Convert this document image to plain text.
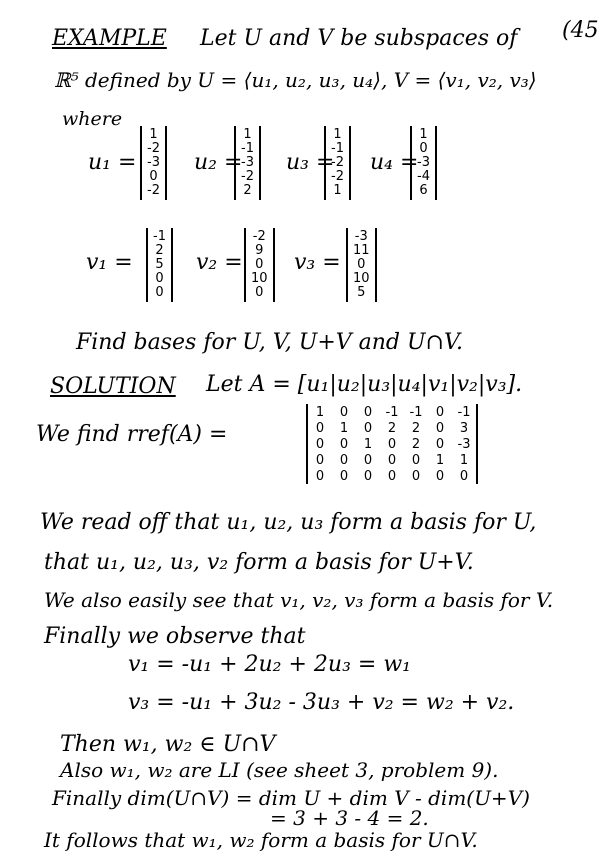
EXAMPLE Let U and V be subspaces of (45
ℝ⁵ defined by U = ⟨u₁, u₂, u₃, u₄⟩, V = ⟨v₁, v₂, v₃⟩
where
u₁ =
1
-2
-3
0
-2
u₂ =
1
-1
-3
-2
2
u₃ =
1
-1
-2
-2
1
u₄ =
1
0
-3
-4
6
v₁ =
-1
2
5
0
0
v₂ =
-2
9
0
10
0
v₃ =
-3
11
0
10
5
Find bases for U, V, U+V and U∩V.
SOLUTION Let A = [u₁|u₂|u₃|u₄|v₁|v₂|v₃].
We find rref(A) =
1	0	0	-1	-1	0	-1
0	1	0	2	2	0	3
0	0	1	0	2	0	-3
0	0	0	0	0	1	1
0	0	0	0	0	0	0
We read off that u₁, u₂, u₃ form a basis for U,
that u₁, u₂, u₃, v₂ form a basis for U+V.
We also easily see that v₁, v₂, v₃ form a basis for V.
Finally we observe that
v₁ = -u₁ + 2u₂ + 2u₃ = w₁
v₃ = -u₁ + 3u₂ - 3u₃ + v₂ = w₂ + v₂.
Then w₁, w₂ ∈ U∩V
Also w₁, w₂ are LI (see sheet 3, problem 9).
Finally dim(U∩V) = dim U + dim V - dim(U+V)
= 3 + 3 - 4 = 2.
It follows that w₁, w₂ form a basis for U∩V.
